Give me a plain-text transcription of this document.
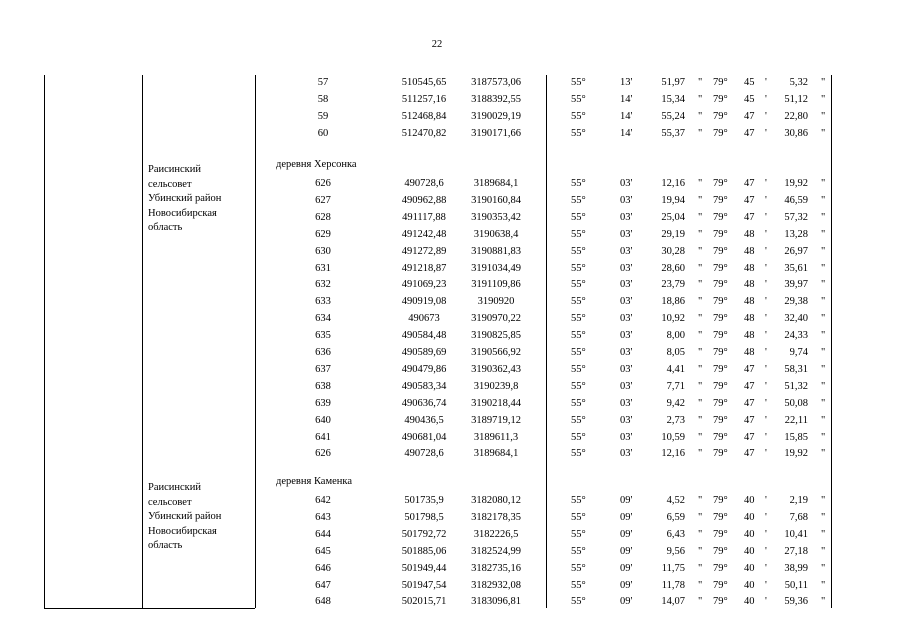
22
57	510545,65	3187573,06	55°	13'	51,97 " 79°	45	'	5,32 "
58	511257,16	3188392,55	55°	14'	15,34 " 79°	45	'	51,12 "
59	512468,84	3190029,19	55°	14'	55,24 " 79°	47	'	22,80 "
60	512470,82	3190171,66	55°	14'	55,37 " 79°	47	'	30,86 "
деревня Херсонка
Раисинский
сельсовет
Убинский район
Новосибирская
область
626	490728,6	3189684,1	55°	03'	12,16 " 79°	47	'	19,92 "
627	490962,88	3190160,84	55°	03'	19,94 " 79°	47	'	46,59 "
628	491117,88	3190353,42	55°	03'	25,04 " 79°	47	'	57,32 "
629	491242,48	3190638,4	55°	03'	29,19 " 79°	48	'	13,28 "
630	491272,89	3190881,83	55°	03'	30,28 " 79°	48	'	26,97 "
631	491218,87	3191034,49	55°	03'	28,60 " 79°	48	'	35,61 "
632	491069,23	3191109,86	55°	03'	23,79 " 79°	48	'	39,97 "
633	490919,08	3190920	55°	03'	18,86 " 79°	48	'	29,38 "
634	490673	3190970,22	55°	03'	10,92 " 79°	48	'	32,40 "
635	490584,48	3190825,85	55°	03'	8,00 " 79°	48	'	24,33 "
636	490589,69	3190566,92	55°	03'	8,05 " 79°	48	'	9,74 "
637	490479,86	3190362,43	55°	03'	4,41 " 79°	47	'	58,31 "
638	490583,34	3190239,8	55°	03'	7,71 " 79°	47	'	51,32 "
639	490636,74	3190218,44	55°	03'	9,42 " 79°	47	'	50,08 "
640	490436,5	3189719,12	55°	03'	2,73 " 79°	47	'	22,11 "
641	490681,04	3189611,3	55°	03'	10,59 " 79°	47	'	15,85 "
626	490728,6	3189684,1	55°	03'	12,16 " 79°	47	'	19,92 "
деревня Каменка
Раисинский
сельсовет
Убинский район
Новосибирская
область
642	501735,9	3182080,12	55°	09'	4,52 " 79°	40	'	2,19 "
643	501798,5	3182178,35	55°	09'	6,59 " 79°	40	'	7,68 "
644	501792,72	3182226,5	55°	09'	6,43 " 79°	40	'	10,41 "
645	501885,06	3182524,99	55°	09'	9,56 " 79°	40	'	27,18 "
646	501949,44	3182735,16	55°	09'	11,75 " 79°	40	'	38,99 "
647	501947,54	3182932,08	55°	09'	11,78 " 79°	40	'	50,11 "
648	502015,71	3183096,81	55°	09'	14,07 " 79°	40	'	59,36 "
